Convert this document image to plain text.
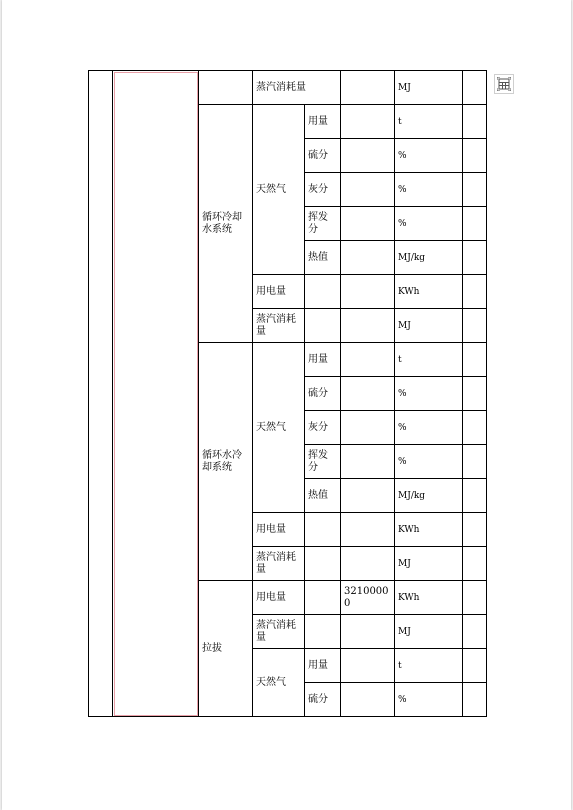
			蒸汽消耗量			MJ	
		循环冷却水系统	天然气	用量		t	
				硫分		%	
				灰分		%	
				挥发分		%	
				热值		MJ/kg	
			用电量			KWh	
			蒸汽消耗量			MJ	
		循环水冷却系统	天然气	用量		t	
				硫分		%	
				灰分		%	
				挥发分		%	
				热值		MJ/kg	
			用电量			KWh	
			蒸汽消耗量			MJ	
		拉拔	用电量		32100000	KWh	
			蒸汽消耗量			MJ	
			天然气	用量		t	
				硫分		%	
